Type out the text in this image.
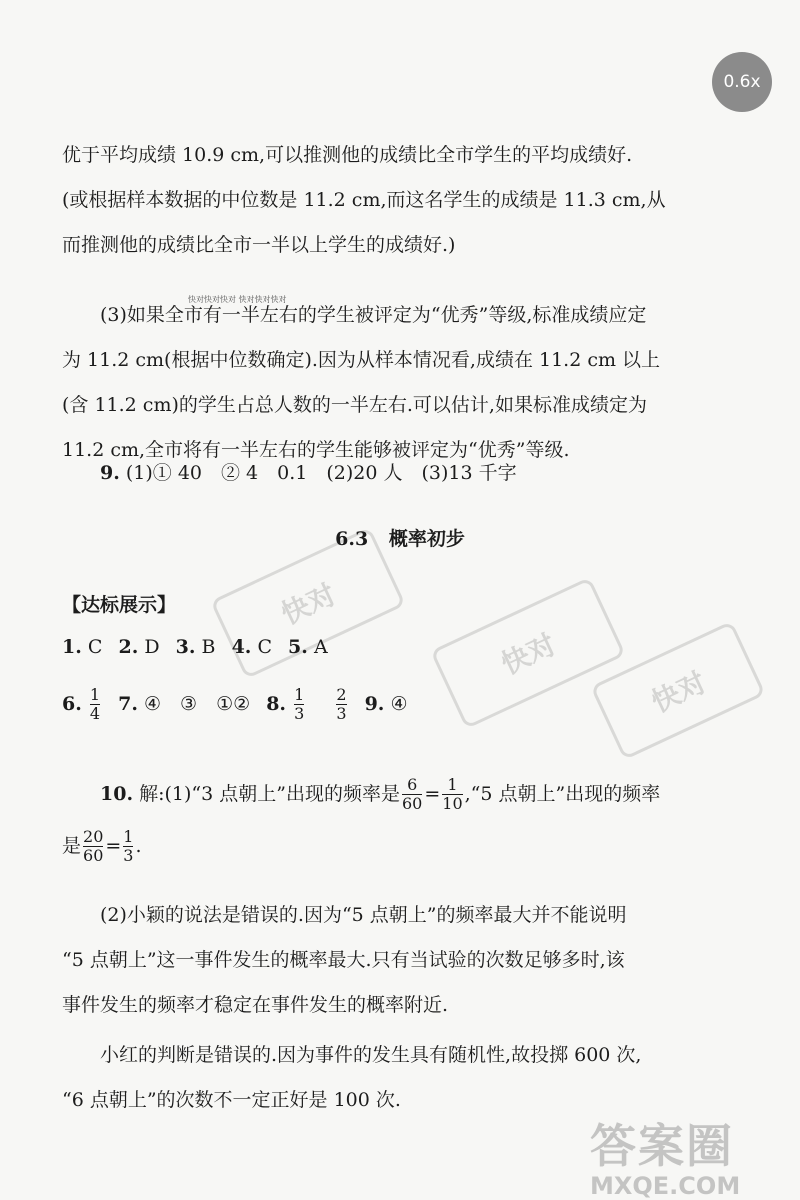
0.6x
快对
快对
快对
快对快对快对 快对快对快对
优于平均成绩 10.9 cm,可以推测他的成绩比全市学生的平均成绩好.
(或根据样本数据的中位数是 11.2 cm,而这名学生的成绩是 11.3 cm,从
而推测他的成绩比全市一半以上学生的成绩好.)
(3)如果全市有一半左右的学生被评定为“优秀”等级,标准成绩应定
为 11.2 cm(根据中位数确定).因为从样本情况看,成绩在 11.2 cm 以上
(含 11.2 cm)的学生占总人数的一半左右.可以估计,如果标准成绩定为
11.2 cm,全市将有一半左右的学生能够被评定为“优秀”等级.
9. (1)① 40　② 4　0.1　(2)20 人　(3)13 千字
6.3 概率初步
【达标展示】
1. C 2. D 3. B 4. C 5. A
6. $\frac{1}{4} 7$. ④　③　①② 8. $\frac{1}{3}$
$\frac{2}{3} 9$. ④
10. 解:(1)“3 点朝上”出现的频率是 $\frac{6}{60} = \frac{1}{10}$ ,“5 点朝上”出现的频率
是 $\frac{20}{60} = \frac{1}{3}$ .
(2)小颖的说法是错误的.因为“5 点朝上”的频率最大并不能说明
“5 点朝上”这一事件发生的概率最大.只有当试验的次数足够多时,该
事件发生的频率才稳定在事件发生的概率附近.
小红的判断是错误的.因为事件的发生具有随机性,故投掷 600 次,
“6 点朝上”的次数不一定正好是 100 次.
答案圈
MXQE.COM
